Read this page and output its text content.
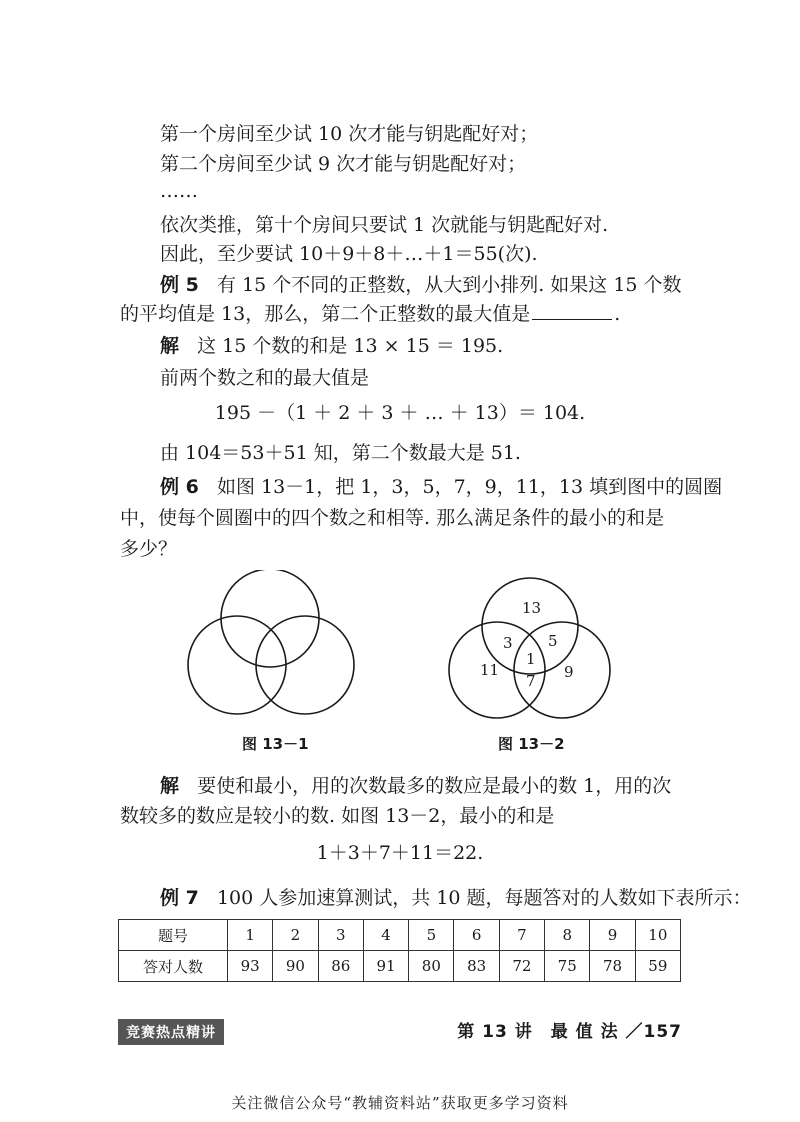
第一个房间至少试 10 次才能与钥匙配好对；
第二个房间至少试 9 次才能与钥匙配好对；
……
依次类推，第十个房间只要试 1 次就能与钥匙配好对.
因此，至少要试 10＋9＋8＋…＋1＝55(次).
例 5 有 15 个不同的正整数，从大到小排列. 如果这 15 个数
的平均值是 13，那么，第二个正整数的最大值是	.
解 这 15 个数的和是 13 × 15 ＝ 195.
前两个数之和的最大值是
195 －（1 ＋ 2 ＋ 3 ＋ … ＋ 13）＝ 104.
由 104＝53＋51 知，第二个数最大是 51.
例 6 如图 13－1，把 1，3，5，7，9，11，13 填到图中的圆圈
中，使每个圆圈中的四个数之和相等. 那么满足条件的最小的和是
多少？
图 13－1
13
3 5
1
7
11	9
图 13－2
解 要使和最小，用的次数最多的数应是最小的数 1，用的次
数较多的数应是较小的数. 如图 13－2，最小的和是
1＋3＋7＋11＝22.
例 7 100 人参加速算测试，共 10 题，每题答对的人数如下表所示：
题号	1	2	3	4	5	6	7	8	9	10
答对人数	93	90	86	91	80	83	72	75	78	59
竞赛热点精讲	第 13 讲　最 值 法 ／157
关注微信公众号“教辅资料站”获取更多学习资料
